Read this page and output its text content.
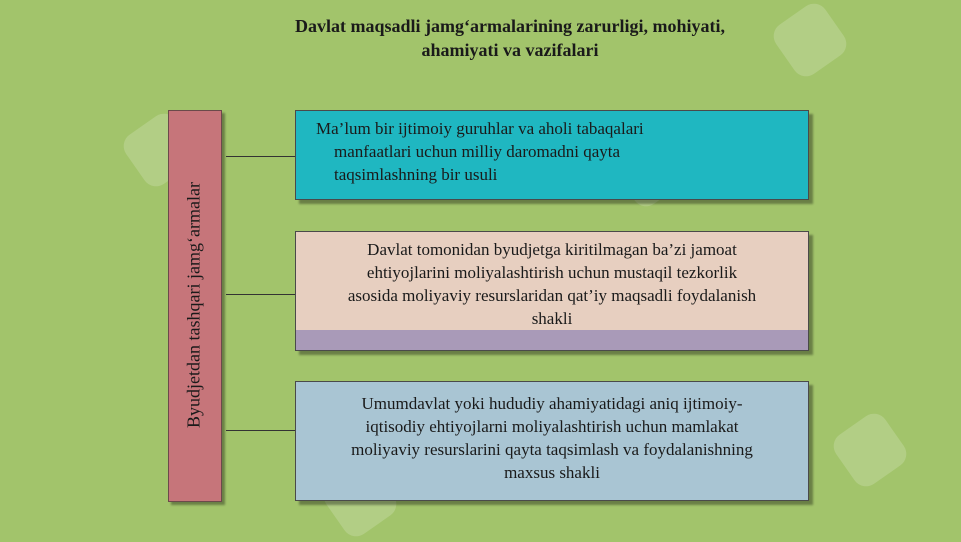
Davlat maqsadli jamg‘armalarining zarurligi, mohiyati,
ahamiyati va vazifalari
Byudjetdan tashqari jamg‘armalar
Ma’lum bir ijtimoiy guruhlar va aholi tabaqalari
manfaatlari uchun milliy daromadni qayta
taqsimlashning bir usuli
Davlat tomonidan byudjetga kiritilmagan ba’zi jamoat
ehtiyojlarini moliyalashtirish uchun mustaqil tezkorlik
asosida moliyaviy resurslaridan qat’iy maqsadli foydalanish
shakli
Umumdavlat yoki hududiy ahamiyatidagi aniq ijtimoiy-
iqtisodiy ehtiyojlarni moliyalashtirish uchun mamlakat
moliyaviy resurslarini qayta taqsimlash va foydalanishning
maxsus shakli
